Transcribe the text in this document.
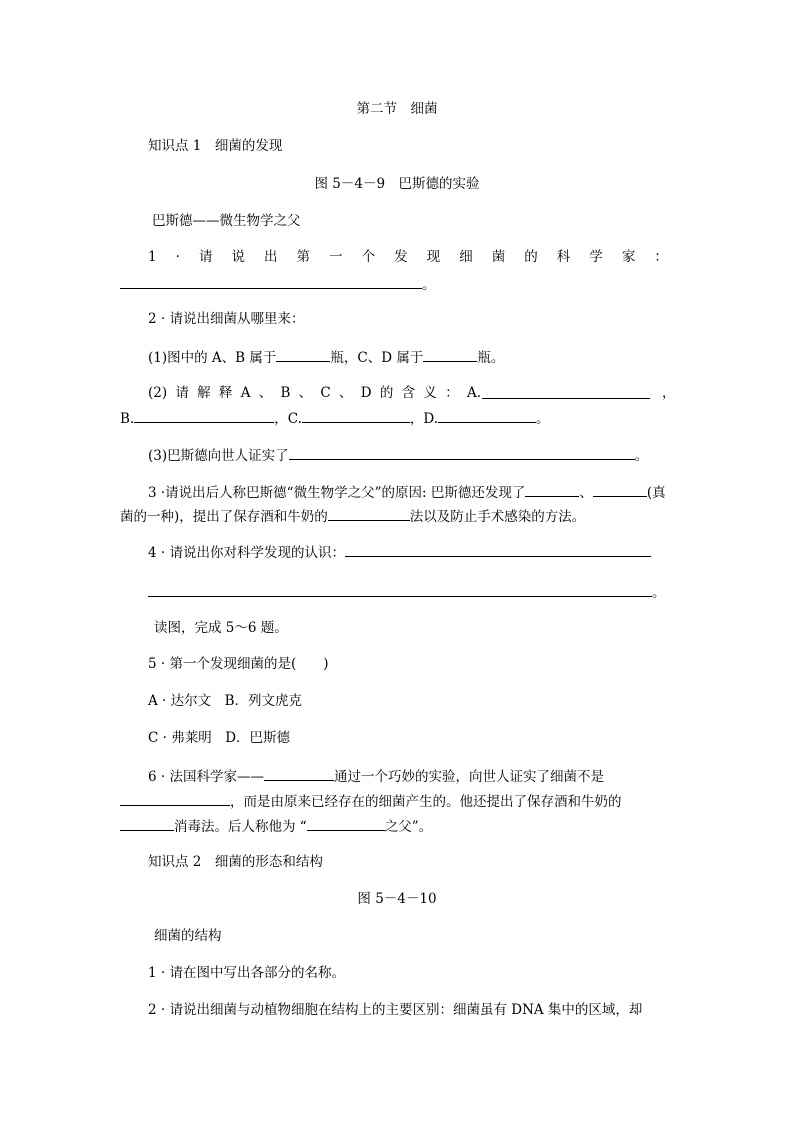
第二节　细菌
知识点 1　细菌的发现
图 5－4－9　巴斯德的实验
巴斯德——微生物学之父
1 · 请 说 出 第 一 个 发 现 细 菌 的 科 学 家 ：
。
2 · 请说出细菌从哪里来：
(1)图中的 A、B 属于	瓶，C、D 属于	瓶。
(2) 请 解 释 A 、 B 、 C 、 D 的 含 义 ： A.	，
B.	，C.	，D.	。
(3)巴斯德向世人证实了	。
3 ·请说出后人称巴斯德“微生物学之父”的原因: 巴斯德还发现了	、	(真
菌的一种)，提出了保存酒和牛奶的	法以及防止手术感染的方法。
4 · 请说出你对科学发现的认识：
。
读图，完成 5～6 题。
5 · 第一个发现细菌的是(　　)
A · 达尔文　B．列文虎克
C · 弗莱明　D．巴斯德
6 · 法国科学家——	通过一个巧妙的实验，向世人证实了细菌不是
，而是由原来已经存在的细菌产生的。他还提出了保存酒和牛奶的
消毒法。后人称他为 “	之父”。
知识点 2　细菌的形态和结构
图 5－4－10
细菌的结构
1 · 请在图中写出各部分的名称。
2 · 请说出细菌与动植物细胞在结构上的主要区别：细菌虽有 DNA 集中的区域，却
